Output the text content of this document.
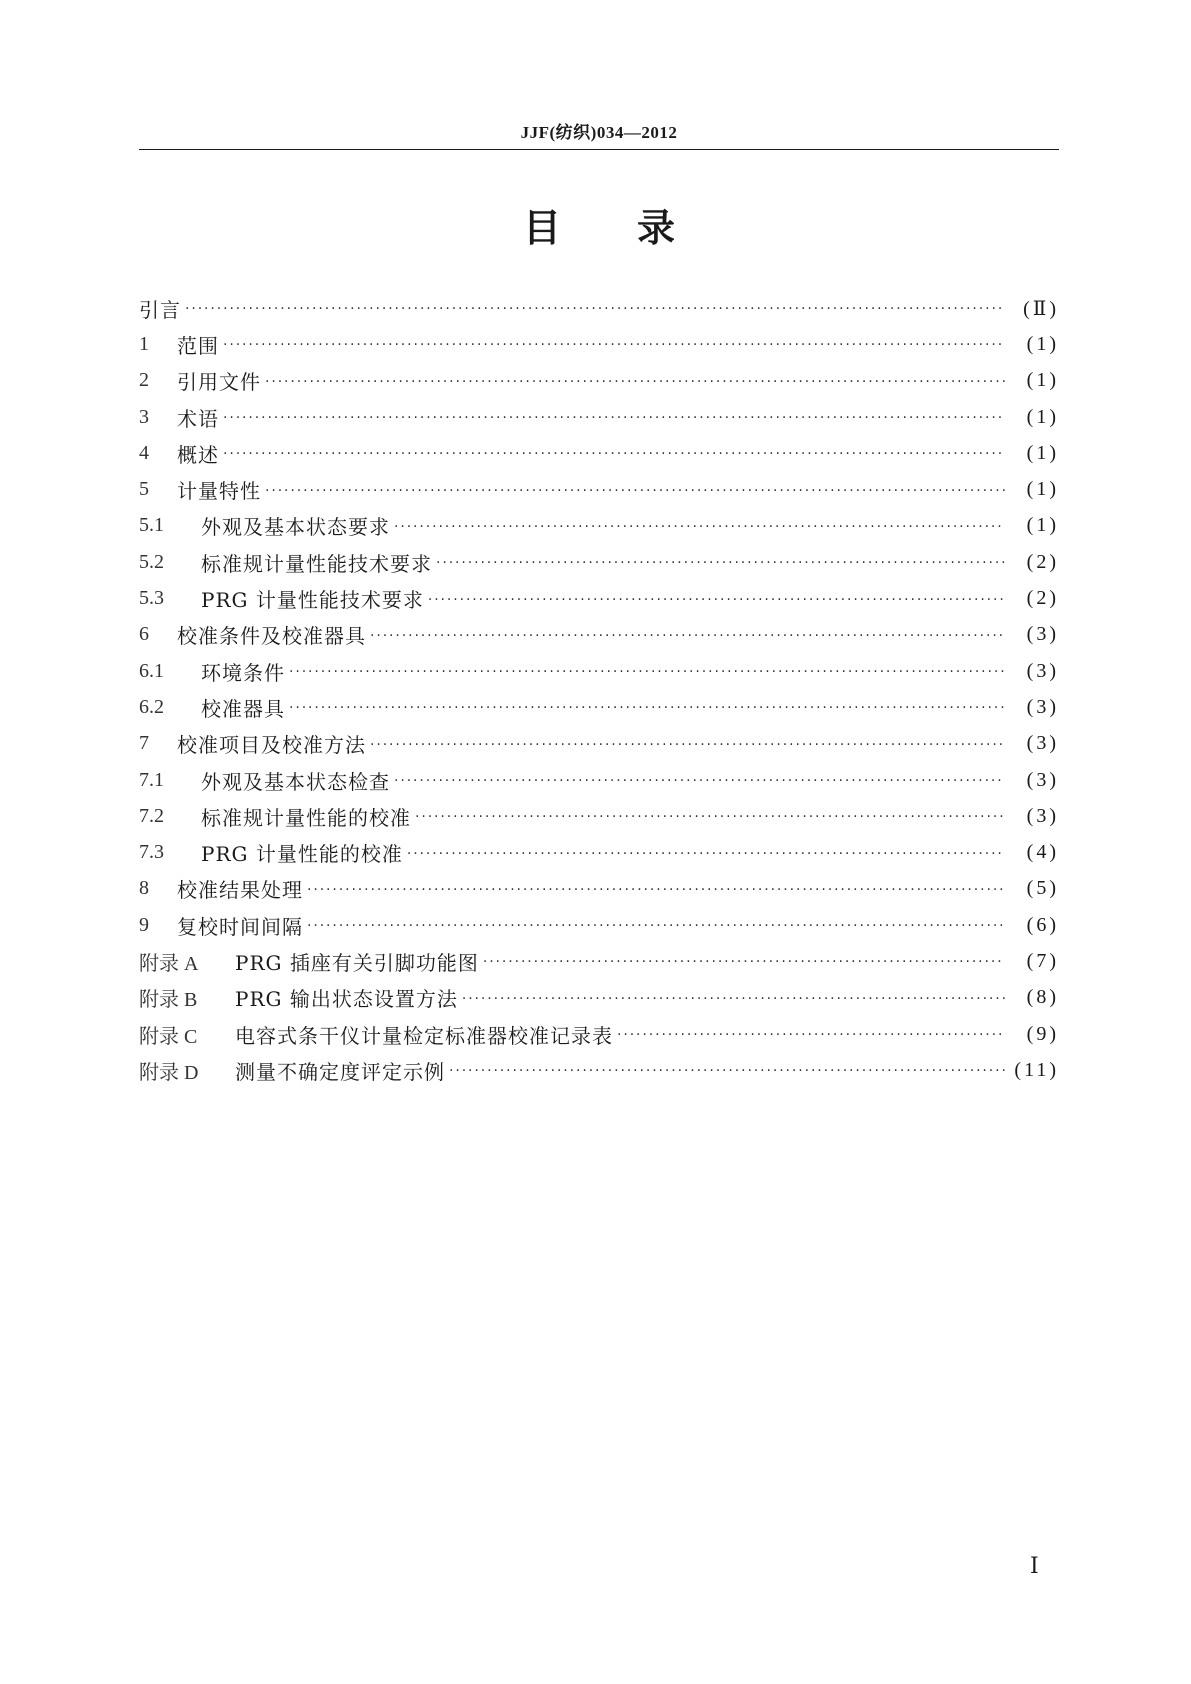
JJF(纺织)034—2012
目 录
引言 ·····	(Ⅱ)
1	范围 ·····	(1)
2	引用文件 ·····	(1)
3	术语 ·····	(1)
4	概述 ·····	(1)
5	计量特性 ·····	(1)
5.1	外观及基本状态要求 ·····	(1)
5.2	标准规计量性能技术要求 ·····	(2)
5.3	PRG 计量性能技术要求 ·····	(2)
6	校准条件及校准器具 ·····	(3)
6.1	环境条件 ·····	(3)
6.2	校准器具 ·····	(3)
7	校准项目及校准方法 ·····	(3)
7.1	外观及基本状态检查 ·····	(3)
7.2	标准规计量性能的校准 ·····	(3)
7.3	PRG 计量性能的校准 ·····	(4)
8	校准结果处理 ·····	(5)
9	复校时间间隔 ·····	(6)
附录 A	PRG 插座有关引脚功能图 ·····	(7)
附录 B	PRG 输出状态设置方法 ·····	(8)
附录 C	电容式条干仪计量检定标准器校准记录表 ·····	(9)
附录 D	测量不确定度评定示例 ·····	(11)
Ⅰ
